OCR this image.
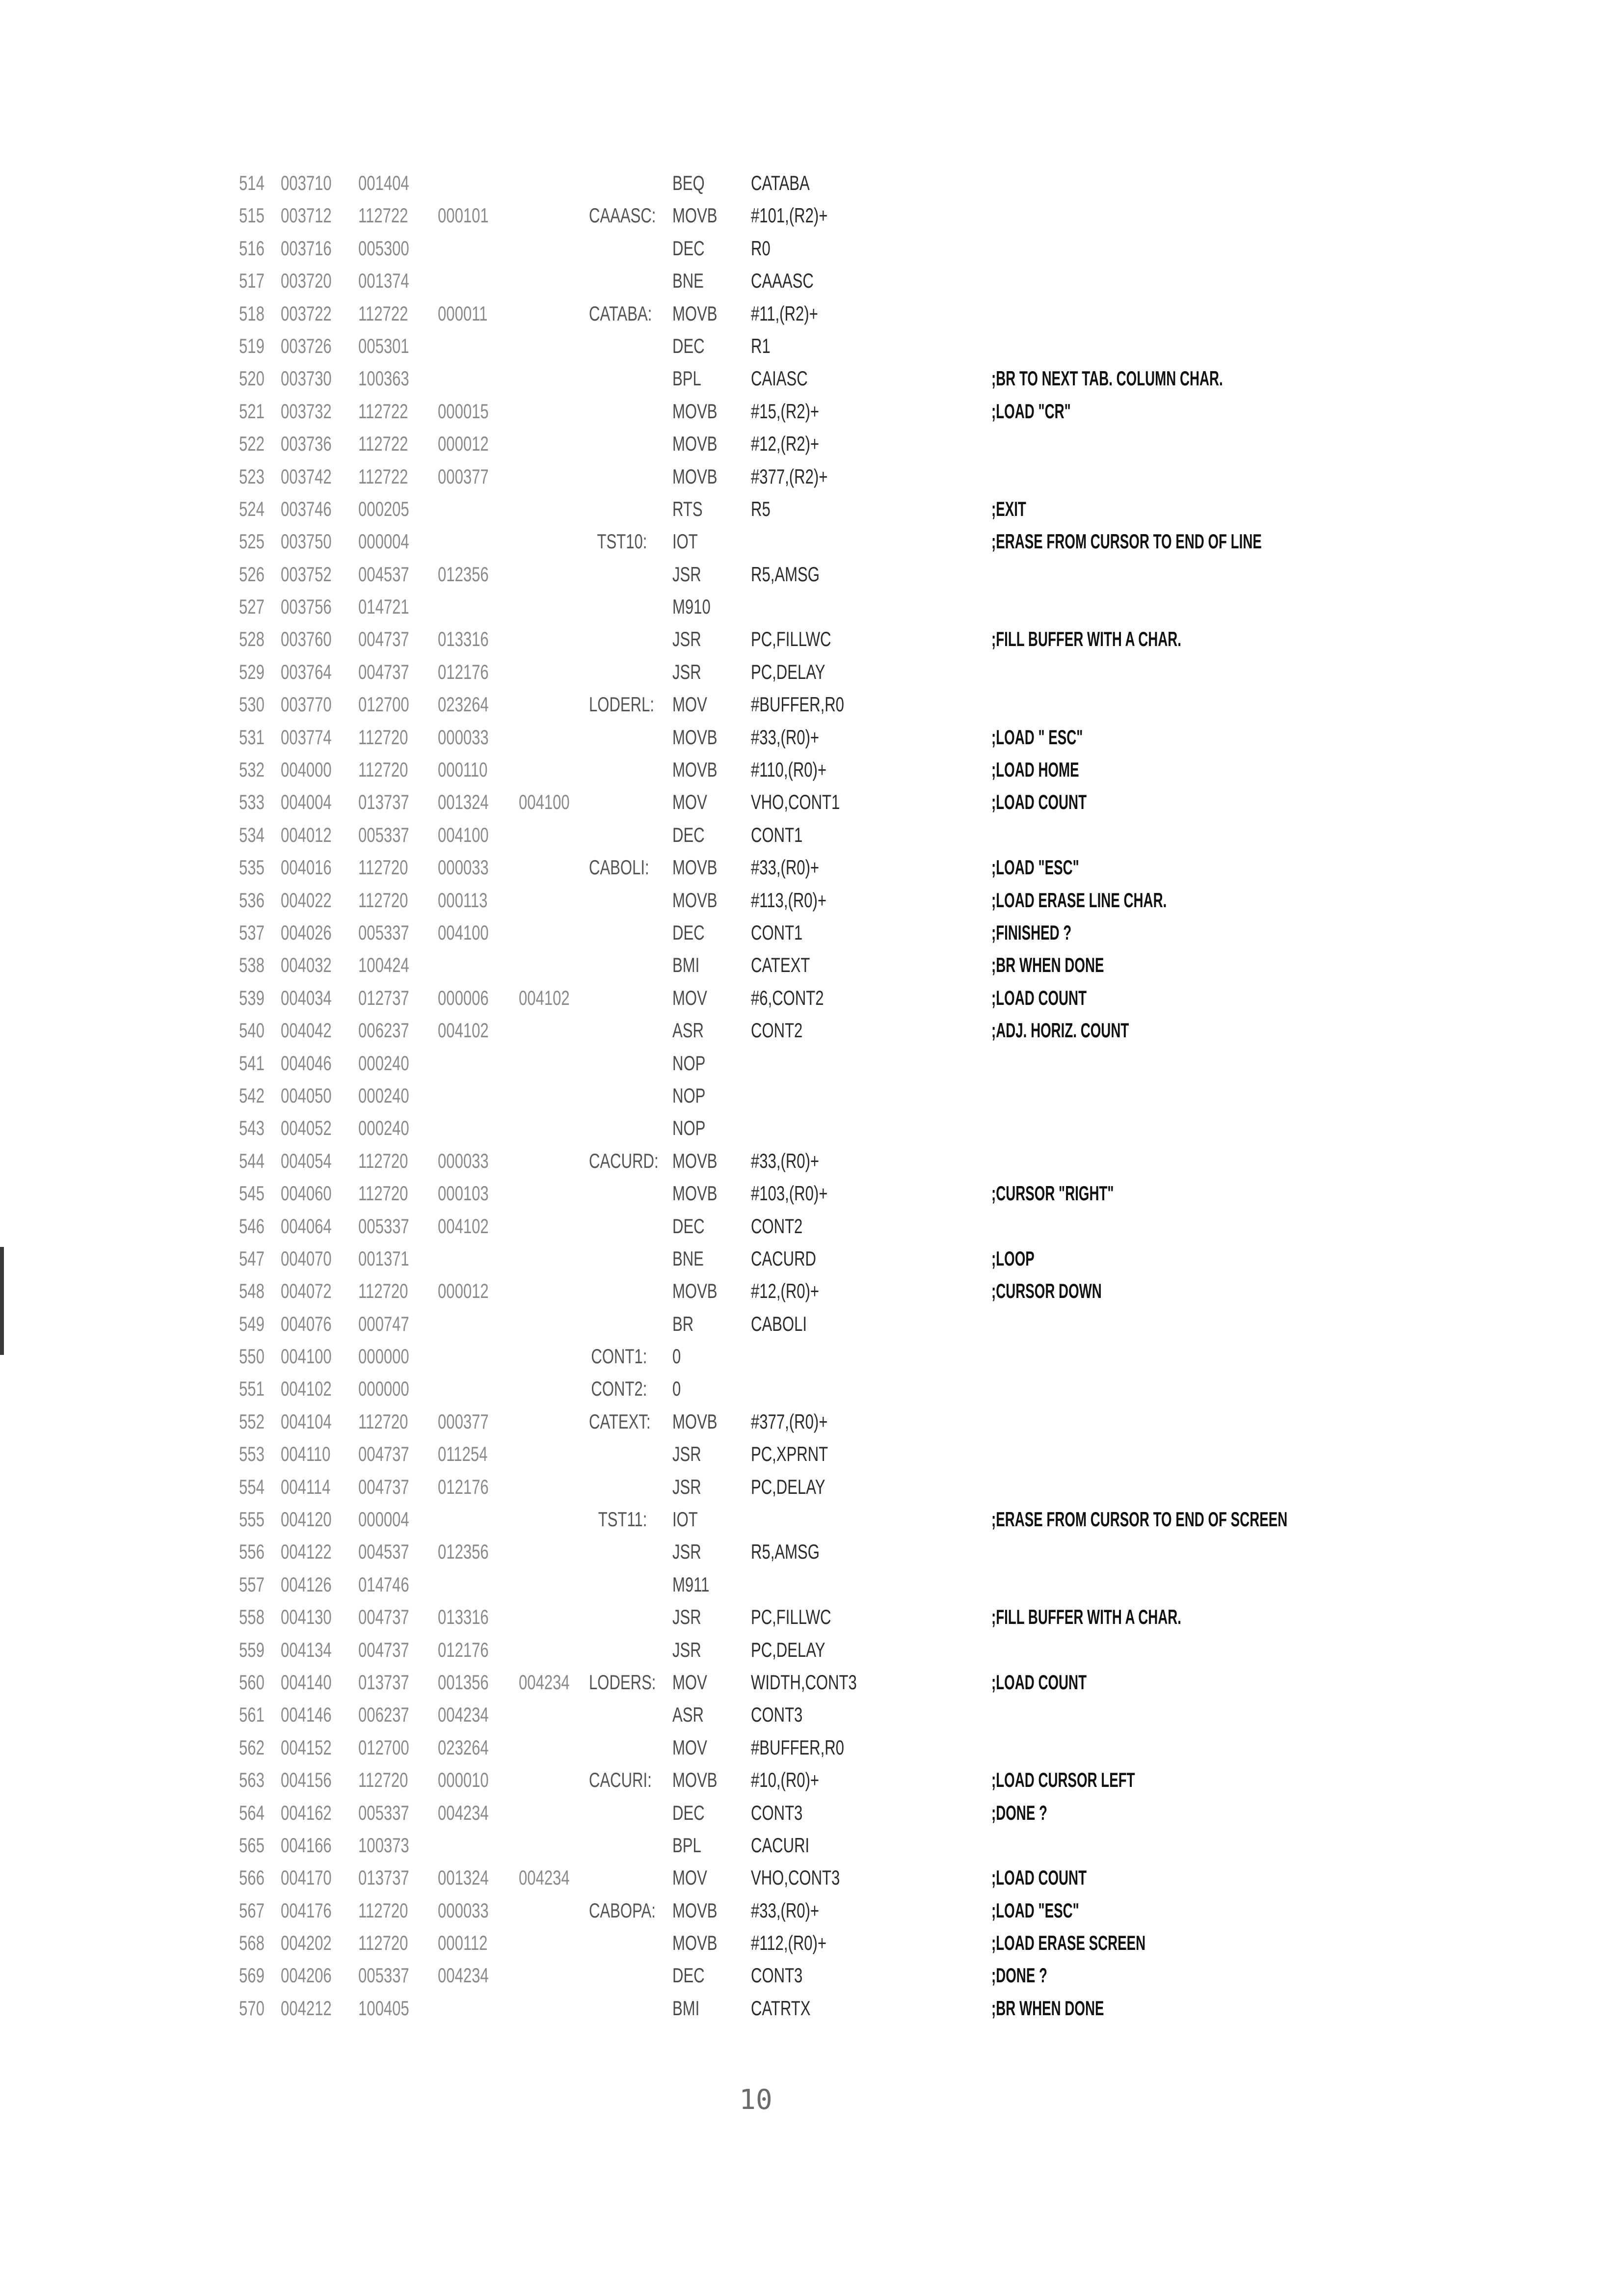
514 003710 001404	BEQ CATABA
515 003712 112722 000101	CAAASC: MOVB #101,(R2)+
516 003716 005300	DEC R0
517 003720 001374	BNE CAAASC
518 003722 112722 000011	CATABA: MOVB #11,(R2)+
519 003726 005301	DEC R1
520 003730 100363	BPL CAIASC	;BR TO NEXT TAB. COLUMN CHAR.
521 003732 112722 000015	MOVB #15,(R2)+	;LOAD "CR"
522 003736 112722 000012	MOVB #12,(R2)+
523 003742 112722 000377	MOVB #377,(R2)+
524 003746 000205	RTS R5	;EXIT
525 003750 000004	TST10: IOT	;ERASE FROM CURSOR TO END OF LINE
526 003752 004537 012356	JSR R5,AMSG
527 003756 014721	M910
528 003760 004737 013316	JSR PC,FILLWC	;FILL BUFFER WITH A CHAR.
529 003764 004737 012176	JSR PC,DELAY
530 003770 012700 023264	LODERL: MOV #BUFFER,R0
531 003774 112720 000033	MOVB #33,(R0)+	;LOAD " ESC"
532 004000 112720 000110	MOVB #110,(R0)+	;LOAD HOME
533 004004 013737 001324 004100	MOV VHO,CONT1	;LOAD COUNT
534 004012 005337 004100	DEC CONT1
535 004016 112720 000033	CABOLI: MOVB #33,(R0)+	;LOAD "ESC"
536 004022 112720 000113	MOVB #113,(R0)+	;LOAD ERASE LINE CHAR.
537 004026 005337 004100	DEC CONT1	;FINISHED ?
538 004032 100424	BMI CATEXT	;BR WHEN DONE
539 004034 012737 000006 004102	MOV #6,CONT2	;LOAD COUNT
540 004042 006237 004102	ASR CONT2	;ADJ. HORIZ. COUNT
541 004046 000240	NOP
542 004050 000240	NOP
543 004052 000240	NOP
544 004054 112720 000033	CACURD: MOVB #33,(R0)+
545 004060 112720 000103	MOVB #103,(R0)+	;CURSOR "RIGHT"
546 004064 005337 004102	DEC CONT2
547 004070 001371	BNE CACURD	;LOOP
548 004072 112720 000012	MOVB #12,(R0)+	;CURSOR DOWN
549 004076 000747	BR	CABOLI
550 004100 000000	CONT1: 0
551 004102 000000	CONT2: 0
552 004104 112720 000377	CATEXT: MOVB #377,(R0)+
553 004110 004737 011254	JSR PC,XPRNT
554 004114 004737 012176	JSR PC,DELAY
555 004120 000004	TST11: IOT	;ERASE FROM CURSOR TO END OF SCREEN
556 004122 004537 012356	JSR R5,AMSG
557 004126 014746	M911
558 004130 004737 013316	JSR PC,FILLWC	;FILL BUFFER WITH A CHAR.
559 004134 004737 012176	JSR PC,DELAY
560 004140 013737 001356 004234 LODERS: MOV WIDTH,CONT3	;LOAD COUNT
561 004146 006237 004234	ASR CONT3
562 004152 012700 023264	MOV #BUFFER,R0
563 004156 112720 000010	CACURI: MOVB #10,(R0)+	;LOAD CURSOR LEFT
564 004162 005337 004234	DEC CONT3	;DONE ?
565 004166 100373	BPL CACURI
566 004170 013737 001324 004234	MOV VHO,CONT3	;LOAD COUNT
567 004176 112720 000033	CABOPA: MOVB #33,(R0)+	;LOAD "ESC"
568 004202 112720 000112	MOVB #112,(R0)+	;LOAD ERASE SCREEN
569 004206 005337 004234	DEC CONT3	;DONE ?
570 004212 100405	BMI CATRTX	;BR WHEN DONE
10
